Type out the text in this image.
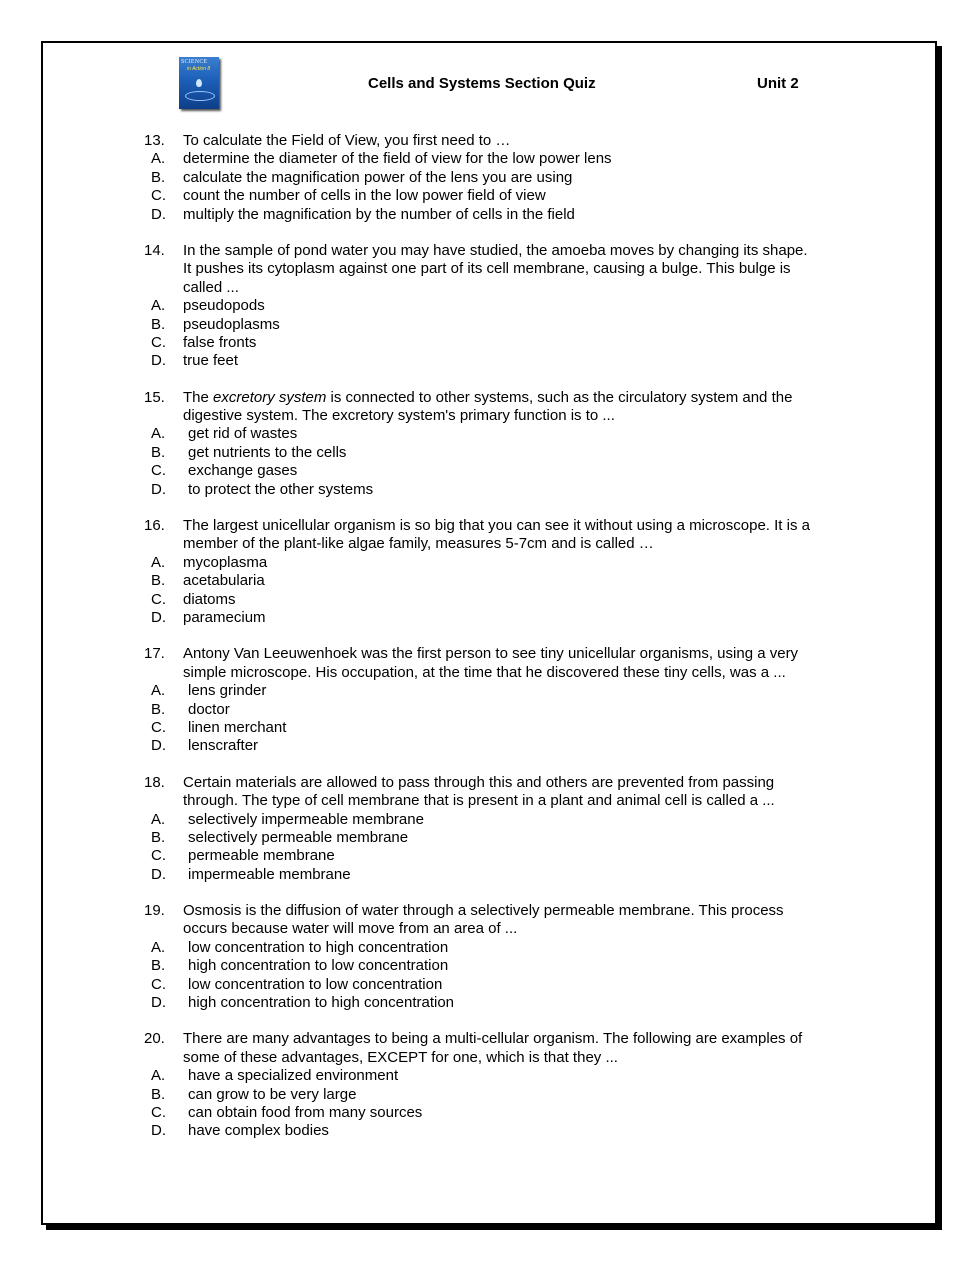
SCIENCE
in Action 8
Cells and Systems Section Quiz	Unit 2
13. To calculate the Field of View, you first need to …
A. determine the diameter of the field of view for the low power lens
B. calculate the magnification power of the lens you are using
C. count the number of cells in the low power field of view
D. multiply the magnification by the number of cells in the field
14. In the sample of pond water you may have studied, the amoeba moves by changing its shape.
It pushes its cytoplasm against one part of its cell membrane, causing a bulge. This bulge is
called ...
A. pseudopods
B. pseudoplasms
C. false fronts
D. true feet
15. The excretory system is connected to other systems, such as the circulatory system and the
digestive system. The excretory system's primary function is to ...
A. get rid of wastes
B. get nutrients to the cells
C. exchange gases
D. to protect the other systems
16. The largest unicellular organism is so big that you can see it without using a microscope. It is a
member of the plant-like algae family, measures 5-7cm and is called …
A. mycoplasma
B. acetabularia
C. diatoms
D. paramecium
17. Antony Van Leeuwenhoek was the first person to see tiny unicellular organisms, using a very
simple microscope. His occupation, at the time that he discovered these tiny cells, was a ...
A. lens grinder
B. doctor
C. linen merchant
D. lenscrafter
18. Certain materials are allowed to pass through this and others are prevented from passing
through. The type of cell membrane that is present in a plant and animal cell is called a ...
A. selectively impermeable membrane
B. selectively permeable membrane
C. permeable membrane
D. impermeable membrane
19. Osmosis is the diffusion of water through a selectively permeable membrane. This process
occurs because water will move from an area of ...
A. low concentration to high concentration
B. high concentration to low concentration
C. low concentration to low concentration
D. high concentration to high concentration
20. There are many advantages to being a multi-cellular organism. The following are examples of
some of these advantages, EXCEPT for one, which is that they ...
A. have a specialized environment
B. can grow to be very large
C. can obtain food from many sources
D. have complex bodies
